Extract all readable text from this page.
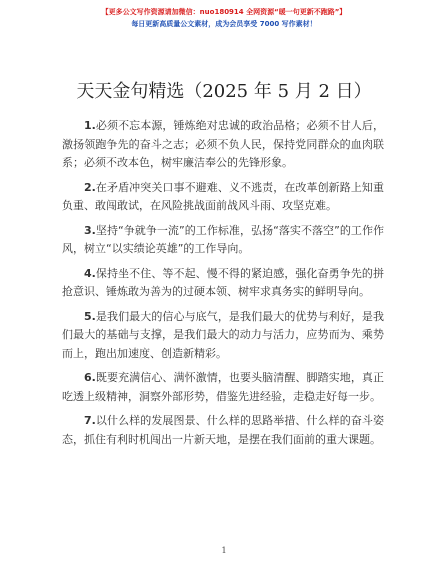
【更多公文写作资源请加微信：nuo180914 全网资源“暖一句更新不跑路”】
每日更新高质量公文素材，成为会员享受 7000 写作素材！
天天金句精选（2025 年 5 月 2 日）

1.必须不忘本源，锤炼绝对忠诚的政治品格；必须不甘人后，激扬领跑争先的奋斗之志；必须不负人民，保持党同群众的血肉联系；必须不改本色，树牢廉洁奉公的先锋形象。

2.在矛盾冲突关口事不避难、义不逃责，在改革创新路上知重负重、敢闯敢试，在风险挑战面前战风斗雨、攻坚克难。

3.坚持“争就争一流”的工作标准，弘扬“落实不落空”的工作作风，树立“以实绩论英雄”的工作导向。

4.保持坐不住、等不起、慢不得的紧迫感，强化奋勇争先的拼抢意识、锤炼敢为善为的过硬本领、树牢求真务实的鲜明导向。

5.是我们最大的信心与底气，是我们最大的优势与利好，是我们最大的基础与支撑，是我们最大的动力与活力，应势而为、乘势而上，跑出加速度、创造新精彩。

6.既要充满信心、满怀激情，也要头脑清醒、脚踏实地，真正吃透上级精神，洞察外部形势，借鉴先进经验，走稳走好每一步。

7.以什么样的发展图景、什么样的思路举措、什么样的奋斗姿态，抓住有利时机闯出一片新天地，是摆在我们面前的重大课题。

1
